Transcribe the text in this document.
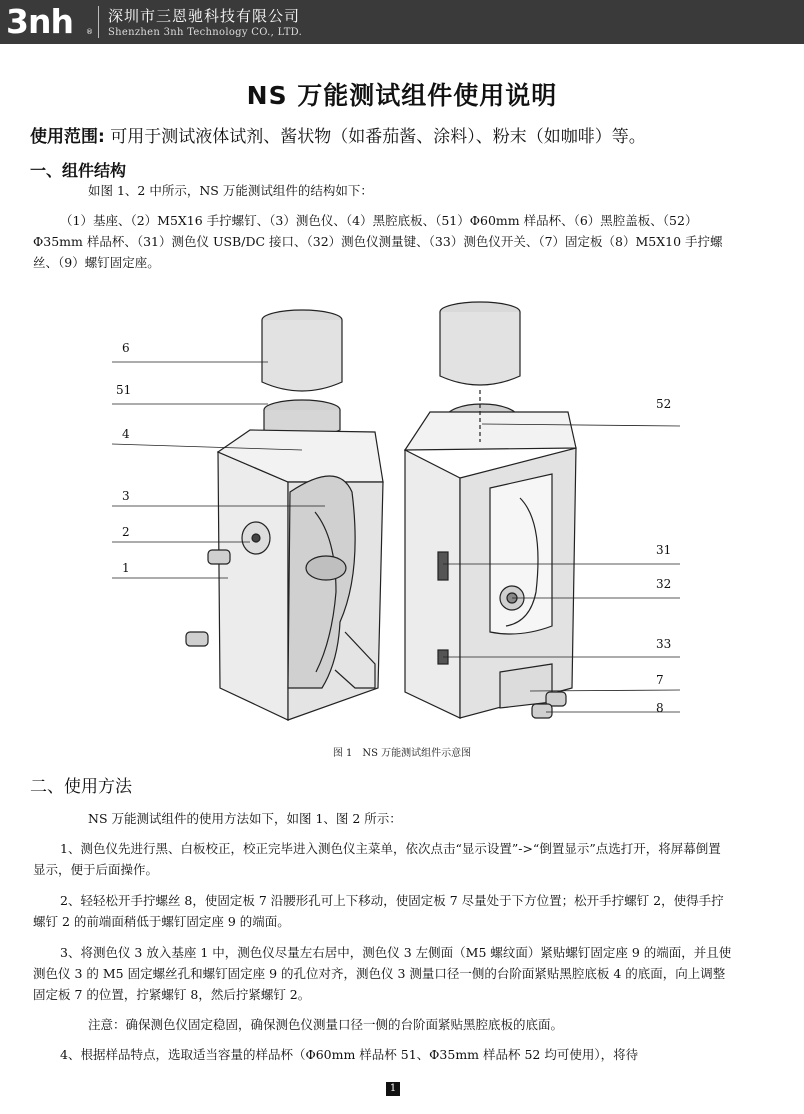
3nh ®
深圳市三恩驰科技有限公司
Shenzhen 3nh Technology CO., LTD.
NS 万能测试组件使用说明
使用范围: 可用于测试液体试剂、酱状物（如番茄酱、涂料）、粉末（如咖啡）等。
一、组件结构
如图 1、2 中所示，NS 万能测试组件的结构如下：
（1）基座、（2）M5X16 手拧螺钉、（3）测色仪、（4）黑腔底板、（51）Φ60mm 样品杯、（6）黑腔盖板、（52）Φ35mm 样品杯、（31）测色仪 USB/DC 接口、（32）测色仪测量键、（33）测色仪开关、（7）固定板（8）M5X10 手拧螺丝、（9）螺钉固定座。
6
51
4
3
2
1
52
31
32
33
7
8
图 1　NS 万能测试组件示意图
二、使用方法
NS 万能测试组件的使用方法如下，如图 1、图 2 所示：
1、测色仪先进行黑、白板校正，校正完毕进入测色仪主菜单，依次点击“显示设置”->“倒置显示”点选打开，将屏幕倒置显示，便于后面操作。
2、轻轻松开手拧螺丝 8，使固定板 7 沿腰形孔可上下移动，使固定板 7 尽量处于下方位置；松开手拧螺钉 2，使得手拧螺钉 2 的前端面稍低于螺钉固定座 9 的端面。
3、将测色仪 3 放入基座 1 中，测色仪尽量左右居中，测色仪 3 左侧面（M5 螺纹面）紧贴螺钉固定座 9 的端面，并且使测色仪 3 的 M5 固定螺丝孔和螺钉固定座 9 的孔位对齐，测色仪 3 测量口径一侧的台阶面紧贴黑腔底板 4 的底面，向上调整固定板 7 的位置，拧紧螺钉 8，然后拧紧螺钉 2。
注意：确保测色仪固定稳固，确保测色仪测量口径一侧的台阶面紧贴黑腔底板的底面。
4、根据样品特点，选取适当容量的样品杯（Φ60mm 样品杯 51、Φ35mm 样品杯 52 均可使用），将待
1
